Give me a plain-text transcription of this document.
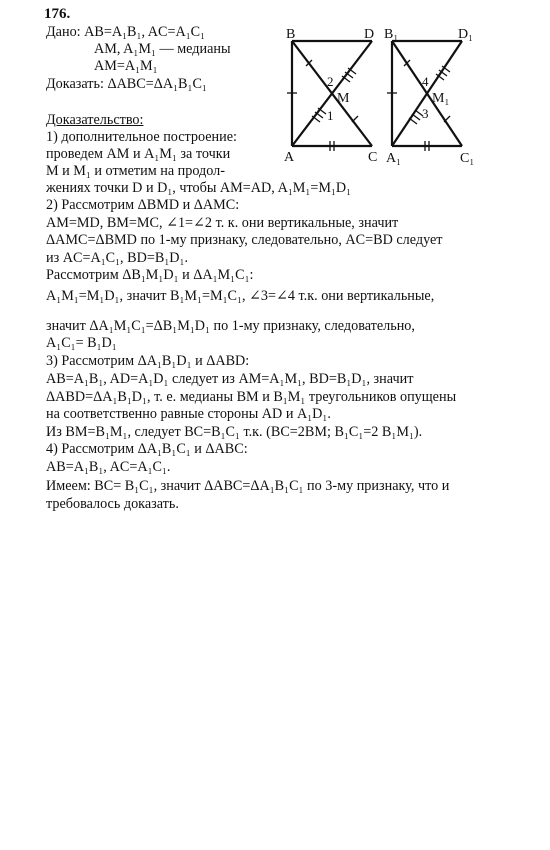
176.
Дано: AB=A₁B₁, AC=A₁C₁
AM, A₁M₁ — медианы
AM=A₁M₁
Доказать: ΔABC=ΔA₁B₁C₁
Доказательство:
1) дополнительное построение:
проведем AM и A₁M₁ за точки
M и M₁ и отметим на продол-
жениях точки D и D₁, чтобы AM=AD, A₁M₁=M₁D₁
2) Рассмотрим ΔBMD и ΔAMC:
AM=MD, BM=MC, ∠1=∠2 т. к. они вертикальные, значит
ΔAMC=ΔBMD по 1-му признаку, следовательно, AC=BD следует
из AC=A₁C₁, BD=B₁D₁.
Рассмотрим ΔB₁M₁D₁ и ΔA₁M₁C₁:
A₁M₁=M₁D₁, значит B₁M₁=M₁C₁, ∠3=∠4 т.к. они вертикальные,
значит ΔA₁M₁C₁=ΔB₁M₁D₁ по 1-му признаку, следовательно,
A₁C₁= B₁D₁
3) Рассмотрим ΔA₁B₁D₁ и ΔABD:
AB=A₁B₁, AD=A₁D₁ следует из AM=A₁M₁, BD=B₁D₁, значит
ΔABD=ΔA₁B₁D₁, т. е. медианы BM и B₁M₁ треугольников опущены
на соответственно равные стороны AD и A₁D₁.
Из BM=B₁M₁, следует BC=B₁C₁ т.к. (BC=2BM; B₁C₁=2 B₁M₁).
4) Рассмотрим ΔA₁B₁C₁ и ΔABC:
AB=A₁B₁, AC=A₁C₁.
Имеем: BC= B₁C₁, значит ΔABC=ΔA₁B₁C₁ по 3-му признаку, что и
требовалось доказать.
B	D
A	C
M
2
1
B₁	D₁
A₁	C₁
M₁
4
3
